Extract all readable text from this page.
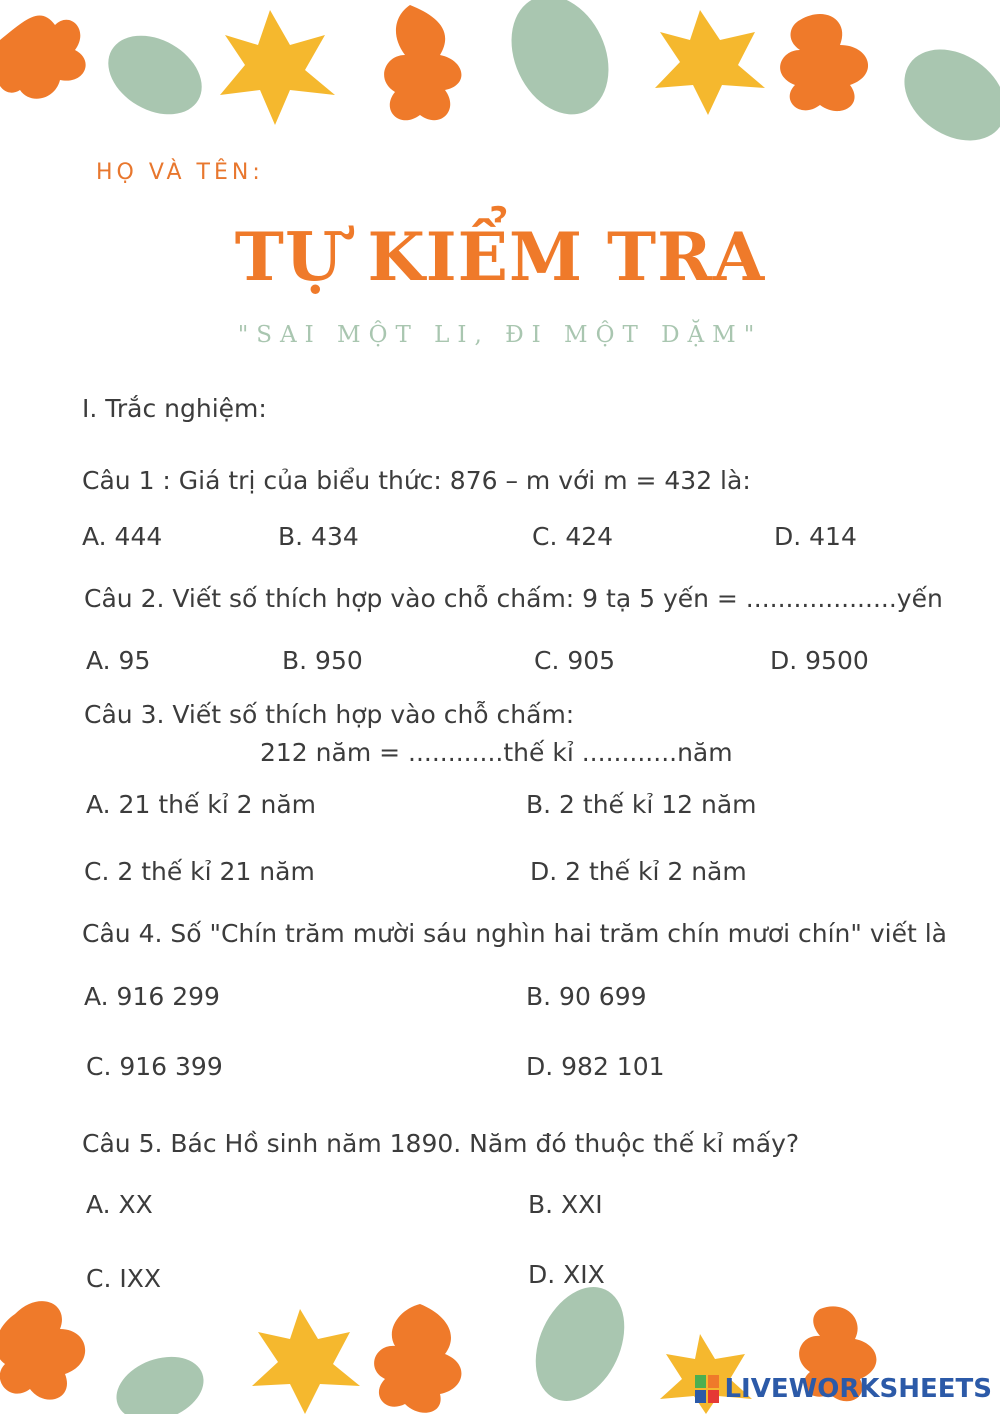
HỌ VÀ TÊN:
TỰ KIỂM TRA
"SAI MỘT LI, ĐI MỘT DẶM"
I. Trắc nghiệm:
Câu 1 : Giá trị của biểu thức: 876 – m với m = 432 là:
A. 444	B. 434	C. 424	D. 414
Câu 2. Viết số thích hợp vào chỗ chấm: 9 tạ 5 yến = ...................yến
A. 95	B. 950	C. 905	D. 9500
Câu 3. Viết số thích hợp vào chỗ chấm:
212 năm = ............thế kỉ ............năm
A. 21 thế kỉ 2 năm	B. 2 thế kỉ 12 năm
C. 2 thế kỉ 21 năm	D. 2 thế kỉ 2 năm
Câu 4. Số "Chín trăm mười sáu nghìn hai trăm chín mươi chín" viết là
A. 916 299	B. 90 699
C. 916 399	D. 982 101
Câu 5. Bác Hồ sinh năm 1890. Năm đó thuộc thế kỉ mấy?
A. XX	B. XXI
C. IXX	D. XIX
LIVEWORKSHEETS
